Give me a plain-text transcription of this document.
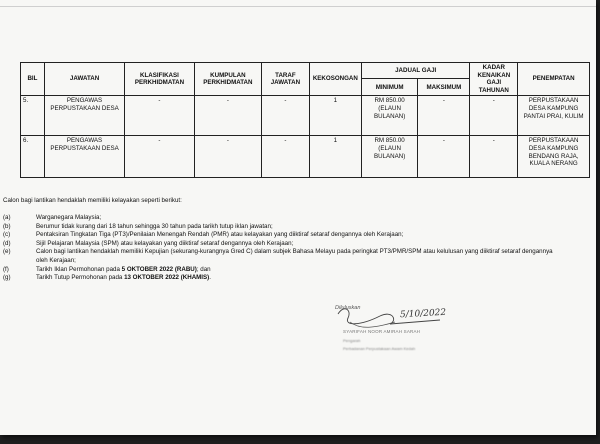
BIL	JAWATAN	KLASIFIKASI PERKHIDMATAN	KUMPULAN PERKHIDMATAN	TARAF JAWATAN	KEKOSONGAN	JADUAL GAJI		KADAR KENAIKAN GAJI TAHUNAN	PENEMPATAN
						MINIMUM	MAKSIMUM		
5.	PENGAWAS PERPUSTAKAAN DESA	-	-	-	1	RM 850.00 (ELAUN BULANAN)	-	-	PERPUSTAKAAN DESA KAMPUNG PANTAI PRAI, KULIM
6.	PENGAWAS PERPUSTAKAAN DESA	-	-	-	1	RM 850.00 (ELAUN BULANAN)	-	-	PERPUSTAKAAN DESA KAMPUNG BENDANG RAJA, KUALA NERANG
Calon bagi lantikan hendaklah memiliki kelayakan seperti berikut:
(a)	Warganegara Malaysia;
(b)	Berumur tidak kurang dari 18 tahun sehingga 30 tahun pada tarikh tutup iklan jawatan;
(c)	Pentaksiran Tingkatan Tiga (PT3)/Penilaian Menengah Rendah (PMR) atau kelayakan yang diiktiraf setaraf dengannya oleh Kerajaan;
(d)	Sijil Pelajaran Malaysia (SPM) atau kelayakan yang diiktiraf setaraf dengannya oleh Kerajaan;
(e)	Calon bagi lantikan hendaklah memiliki Kepujian (sekurang-kurangnya Gred C) dalam subjek Bahasa Melayu pada peringkat PT3/PMR/SPM atau kelulusan yang diiktiraf setaraf dengannya oleh Kerajaan;
(f)	Tarikh Iklan Permohonan pada 5 OKTOBER 2022 (RABU); dan
(g)	Tarikh Tutup Permohonan pada 13 OKTOBER 2022 (KHAMIS).
Diluluskan	5/10/2022
SYARIFAH NOOR AMIRAH SARAH
Pengarah
Perbadanan Perpustakaan Awam Kedah
